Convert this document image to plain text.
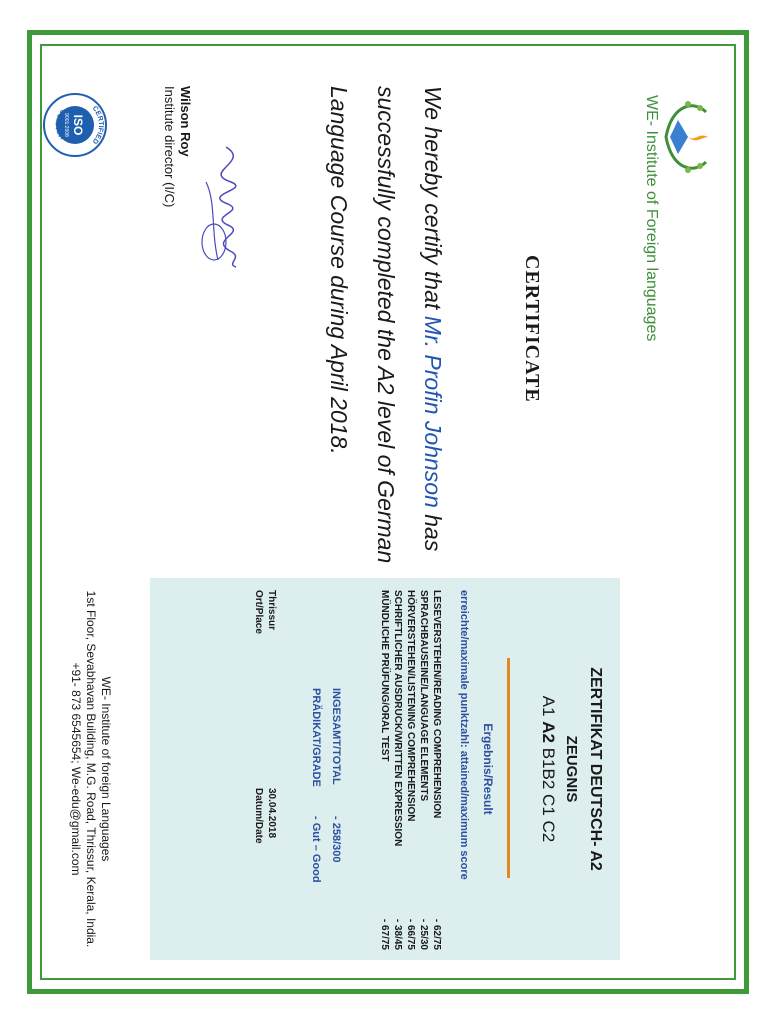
WE- Institute of Foreign languages
CERTIFICATE
We hereby certify that Mr. Profin Johnson has successfully completed the A2 level of German Language Course during April 2018.
Wilson Roy
Institute director (I/C)
CERTIFIED
COMPANY
ISO
9001:2008
ZERTIFIKAT DEUTSCH- A2
ZEUGNIS
A1 A2 B1B2 C1 C2
Ergebnis/Result
erreichte/maximale punktzahl: attained/maximum score
LESEVERSTEHEN/READING COMPREHENSION
- 62/75
SPRACHBAUSEINE/LANGUAGE ELEMENTS
- 25/30
HÖRVERSTEHEN/LISTENING COMPREHENSION
- 66/75
SCHRIFTLICHER AUSDRUCK/WRITTEN EXPRESSION
- 38/45
MÜNDLICHE PRÜFUNG/ORAL TEST
- 67/75
INGESAMT/TOTAL
- 258/300
PRÄDIKAT/GRADE
- Gut – Good
Thrissur
Ort/Place
30.04.2018
Datum/Date
WE- Institute of foreign Languages
1st Floor, Sevabhavan Building, M.G. Road, Thrissur, Kerala, India.
+91- 873 6545654; We-edu@gmail.com
